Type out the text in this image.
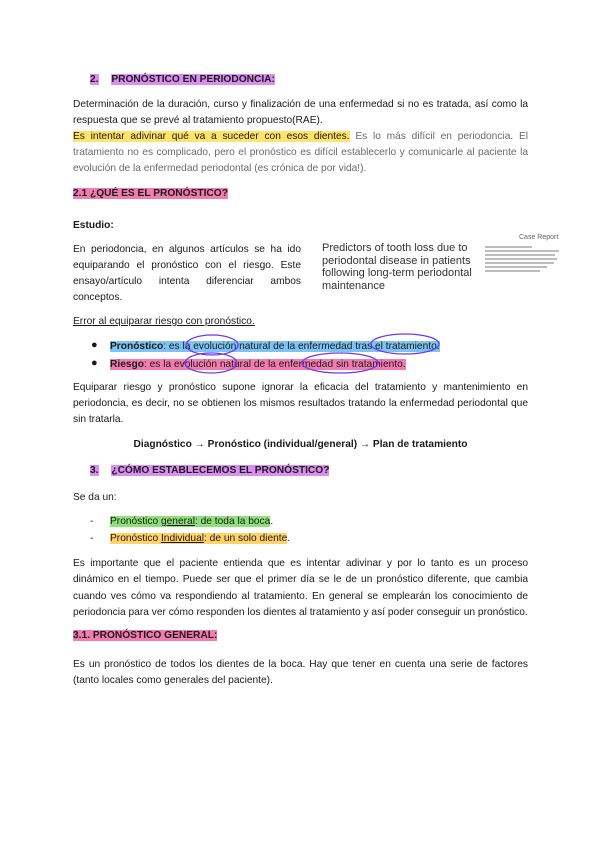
2. PRONÓSTICO EN PERIODONCIA:
Determinación de la duración, curso y finalización de una enfermedad si no es tratada, así como la respuesta que se prevé al tratamiento propuesto(RAE).
Es intentar adivinar qué va a suceder con esos dientes. Es lo más difícil en periodoncia. El tratamiento no es complicado, pero el pronóstico es difícil establecerlo y comunicarle al paciente la evolución de la enfermedad periodontal (es crónica de por vida!).
2.1 ¿QUÉ ES EL PRONÓSTICO?
Estudio:
En periodoncia, en algunos artículos se ha ido equiparando el pronóstico con el riesgo. Este ensayo/artículo intenta diferenciar ambos conceptos.
Predictors of tooth loss due to periodontal disease in patients following long-term periodontal maintenance
Case Report
Error al equiparar riesgo con pronóstico.
● Pronóstico: es la evolución natural de la enfermedad tras el tratamiento.
● Riesgo: es la evolución natural de la enfermedad sin tratamiento.
Equiparar riesgo y pronóstico supone ignorar la eficacia del tratamiento y mantenimiento en periodoncia, es decir, no se obtienen los mismos resultados tratando la enfermedad periodontal que sin tratarla.
Diagnóstico → Pronóstico (individual/general) → Plan de tratamiento
3. ¿CÓMO ESTABLECEMOS EL PRONÓSTICO?
Se da un:
- Pronóstico general: de toda la boca.
- Pronóstico Individual: de un solo diente.
Es importante que el paciente entienda que es intentar adivinar y por lo tanto es un proceso dinámico en el tiempo. Puede ser que el primer día se le de un pronóstico diferente, que cambia cuando ves cómo va respondiendo al tratamiento. En general se emplearán los conocimiento de periodoncia para ver cómo responden los dientes al tratamiento y así poder conseguir un pronóstico.
3.1. PRONÓSTICO GENERAL:
Es un pronóstico de todos los dientes de la boca. Hay que tener en cuenta una serie de factores (tanto locales como generales del paciente).
